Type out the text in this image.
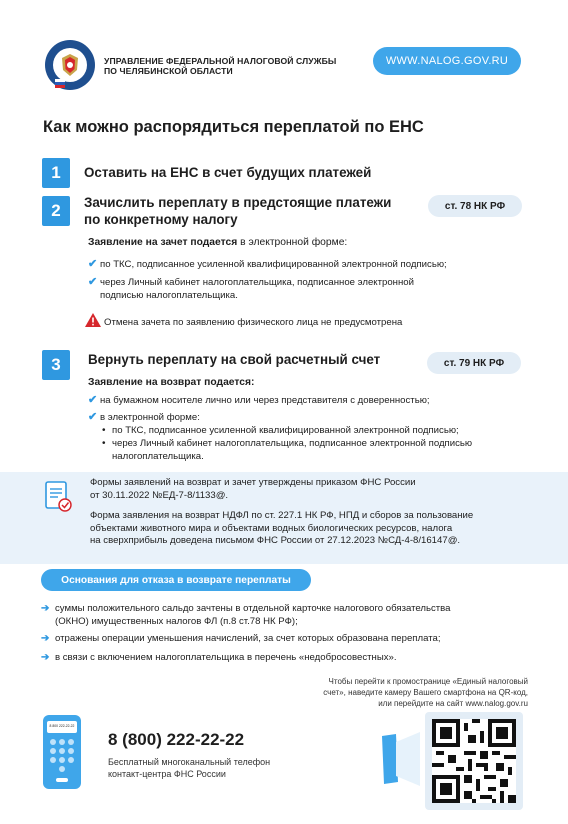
УПРАВЛЕНИЕ ФЕДЕРАЛЬНОЙ НАЛОГОВОЙ СЛУЖБЫ
ПО ЧЕЛЯБИНСКОЙ ОБЛАСТИ
WWW.NALOG.GOV.RU
Как можно распорядиться переплатой по ЕНС
1	Оставить на ЕНС в счет будущих платежей
2	Зачислить переплату в предстоящие платежи
по конкретному налогу
ст. 78 НК РФ
Заявление на зачет подается в электронной форме:
✔ по ТКС, подписанное усиленной квалифицированной электронной подписью;
✔ через Личный кабинет налогоплательщика, подписанное электронной
подписью налогоплательщика.
Отмена зачета по заявлению физического лица не предусмотрена
3	Вернуть переплату на свой расчетный счет	ст. 79 НК РФ
Заявление на возврат подается:
✔ на бумажном носителе лично или через представителя с доверенностью;
✔ в электронной форме:
• по ТКС, подписанное усиленной квалифицированной электронной подписью;
• через Личный кабинет налогоплательщика, подписанное электронной подписью
налогоплательщика.
Формы заявлений на возврат и зачет утверждены приказом ФНС России
от 30.11.2022 №ЕД-7-8/1133@.
Форма заявления на возврат НДФЛ по ст. 227.1 НК РФ, НПД и сборов за пользование
объектами животного мира и объектами водных биологических ресурсов, налога
на сверхприбыль доведена письмом ФНС России от 27.12.2023 №СД-4-8/16147@.
Основания для отказа в возврате переплаты
➔ суммы положительного сальдо зачтены в отдельной карточке налогового обязательства
(ОКНО) имущественных налогов ФЛ (п.8 ст.78 НК РФ);
➔ отражены операции уменьшения начислений, за счет которых образована переплата;
➔ в связи с включением налогоплательщика в перечень «недобросовестных».
Чтобы перейти к промостранице «Единый налоговый
счет», наведите камеру Вашего смартфона на QR-код,
или перейдите на сайт www.nalog.gov.ru
8 800 222-22-22
8 (800) 222-22-22
Бесплатный многоканальный телефон
контакт-центра ФНС России
